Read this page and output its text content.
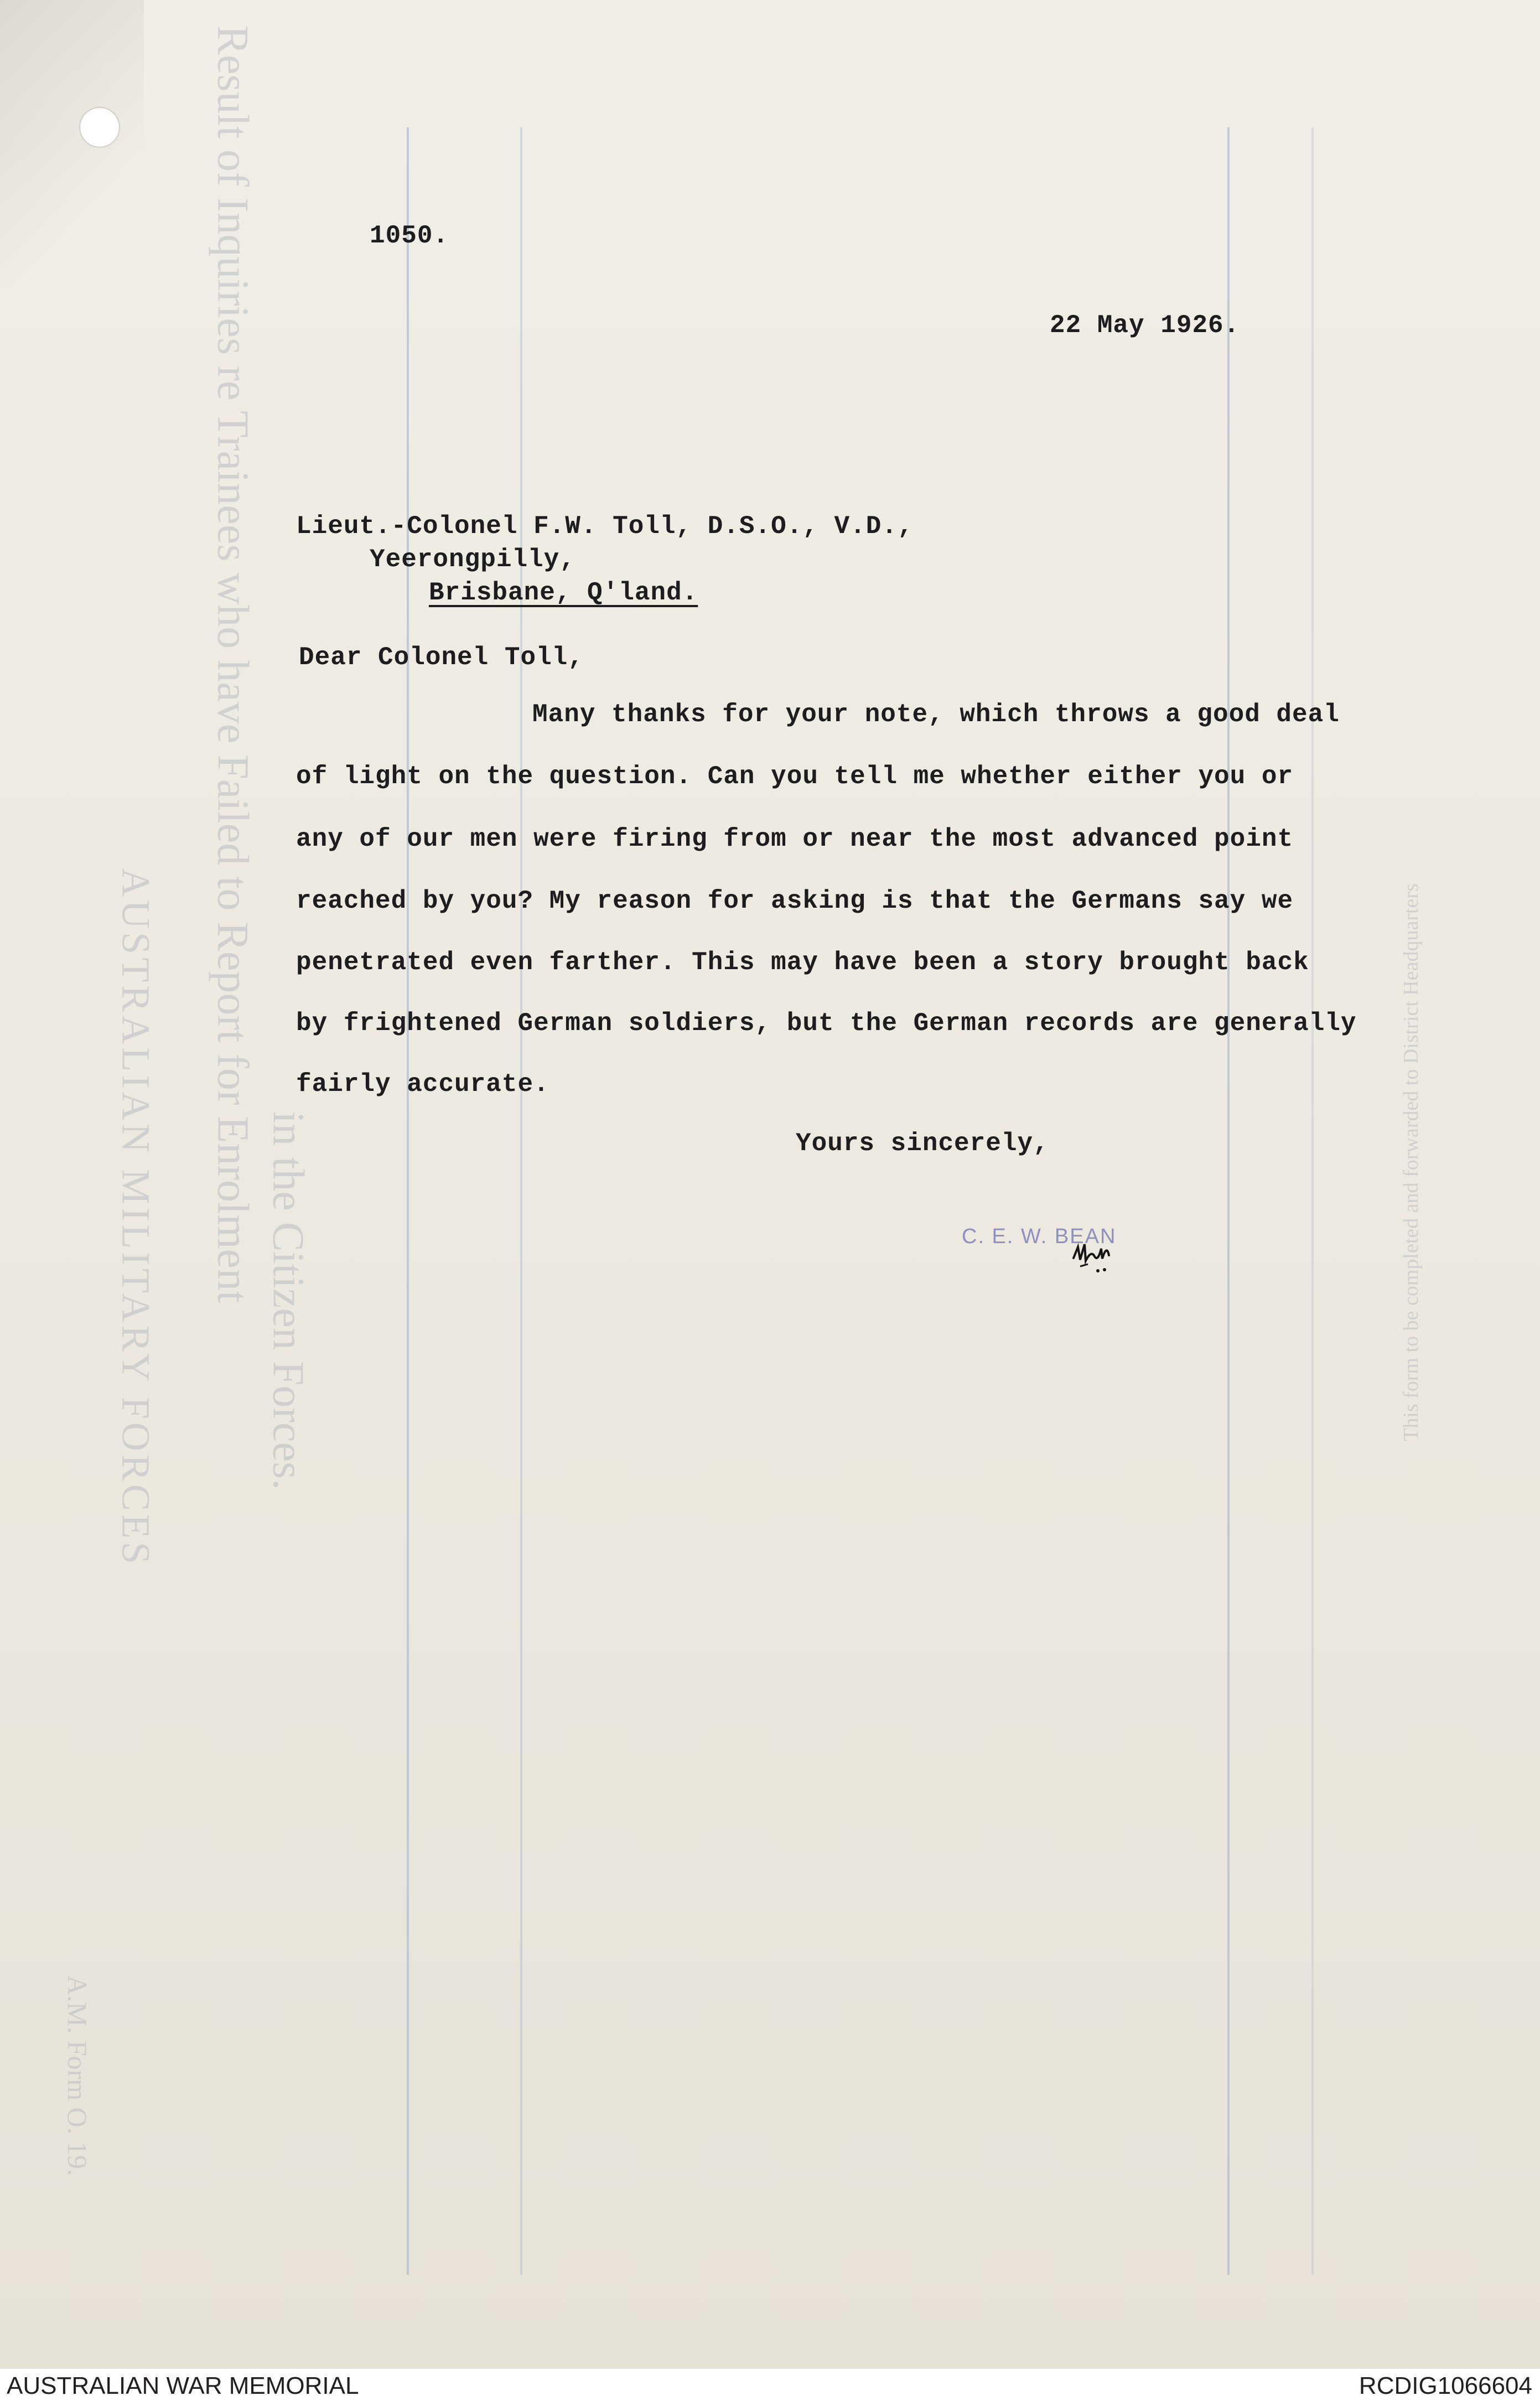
Result of Inquiries re Trainees who have Failed to Report for Enrolment
AUSTRALIAN MILITARY FORCES in the Citizen Forces.
A.M. Form O. 19.
This form to be completed and forwarded to District Headquarters
1050.
22 May 1926.
Lieut.-Colonel F.W. Toll, D.S.O., V.D.,
Yeerongpilly,
Brisbane, Q'land.
Dear Colonel Toll,
Many thanks for your note, which throws a good deal
of light on the question. Can you tell me whether either you or
any of our men were firing from or near the most advanced point
reached by you? My reason for asking is that the Germans say we
penetrated even farther. This may have been a story brought back
by frightened German soldiers, but the German records are generally
fairly accurate.
Yours sincerely,
C. E. W. BEAN
AUSTRALIAN WAR MEMORIAL	RCDIG1066604
